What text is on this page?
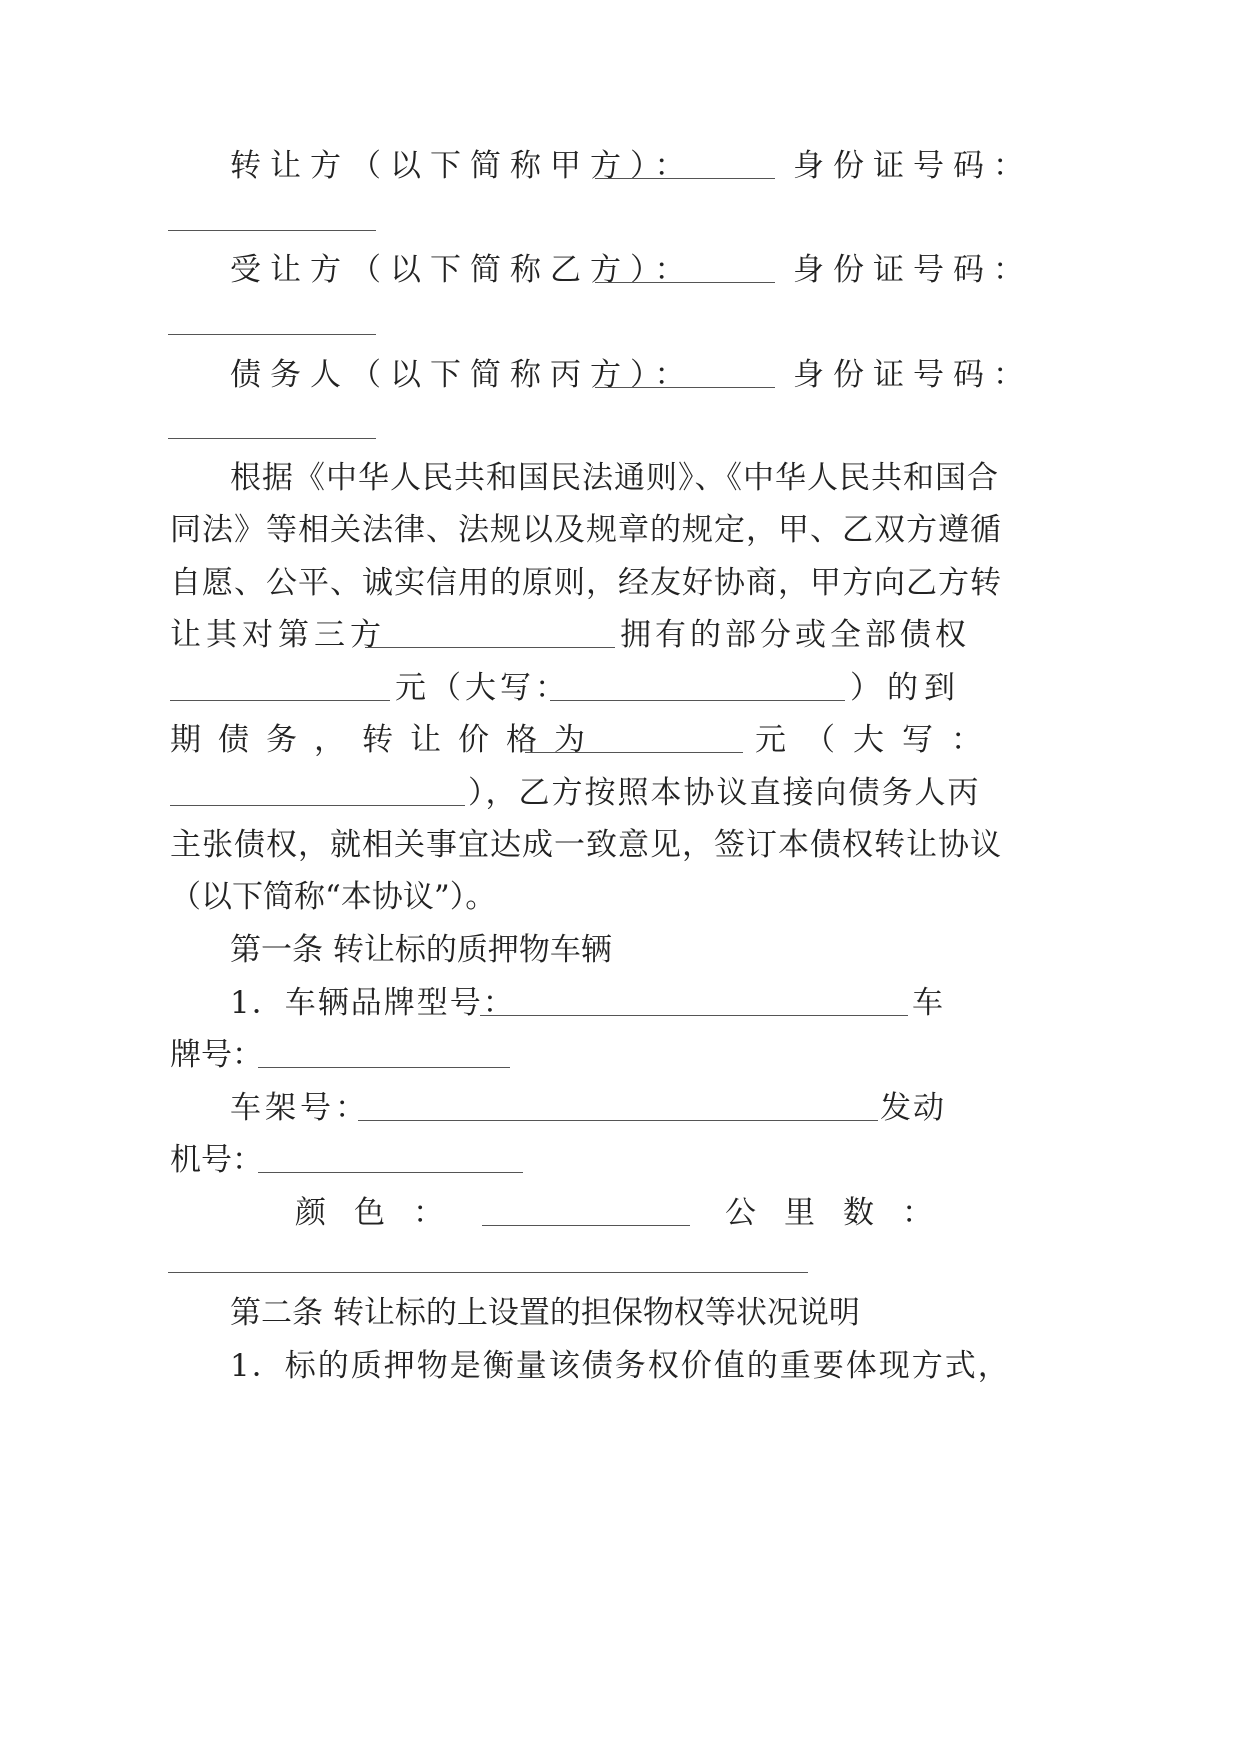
转让方（以下简称甲方）：	身份证号码：
受让方（以下简称乙方）：	身份证号码：
债务人（以下简称丙方）：	身份证号码：
根据《中华人民共和国民法通则》、《中华人民共和国合
同法》等相关法律、法规以及规章的规定，甲、乙双方遵循
自愿、公平、诚实信用的原则，经友好协商，甲方向乙方转
让其对第三方	拥有的部分或全部债权
元（大写：	）的到
期债务，转让价格为	元（大写：
），乙方按照本协议直接向债务人丙
主张债权，就相关事宜达成一致意见，签订本债权转让协议
（以下简称“本协议”）。
第一条 转让标的质押物车辆
1．车辆品牌型号：	车
牌号：
车架号：	发动
机号：
颜色：	公里数：
第二条 转让标的上设置的担保物权等状况说明
1．标的质押物是衡量该债务权价值的重要体现方式，
